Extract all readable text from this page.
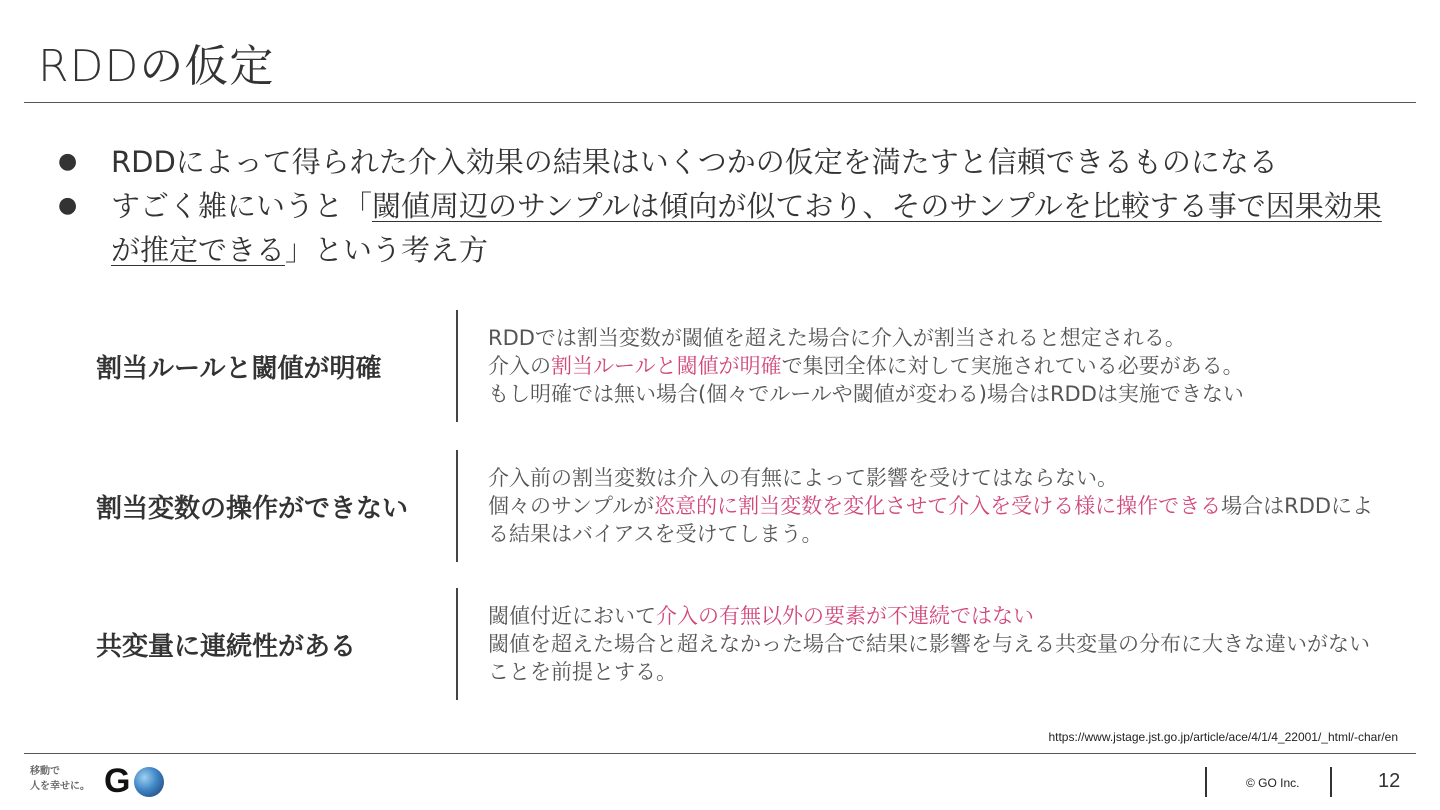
RDDの仮定
● RDDによって得られた介入効果の結果はいくつかの仮定を満たすと信頼できるものになる
● すごく雑にいうと「閾値周辺のサンプルは傾向が似ており、そのサンプルを比較する事で因果効果が推定できる」という考え方
割当ルールと閾値が明確
RDDでは割当変数が閾値を超えた場合に介入が割当されると想定される。
介入の割当ルールと閾値が明確で集団全体に対して実施されている必要がある。
もし明確では無い場合(個々でルールや閾値が変わる)場合はRDDは実施できない
割当変数の操作ができない
介入前の割当変数は介入の有無によって影響を受けてはならない。
個々のサンプルが恣意的に割当変数を変化させて介入を受ける様に操作できる場合はRDDによる結果はバイアスを受けてしまう。
共変量に連続性がある
閾値付近において介入の有無以外の要素が不連続ではない
閾値を超えた場合と超えなかった場合で結果に影響を与える共変量の分布に大きな違いがないことを前提とする。
https://www.jstage.jst.go.jp/article/ace/4/1/4_22001/_html/-char/en
移動で
人を幸せに。 G	© GO Inc.	12
